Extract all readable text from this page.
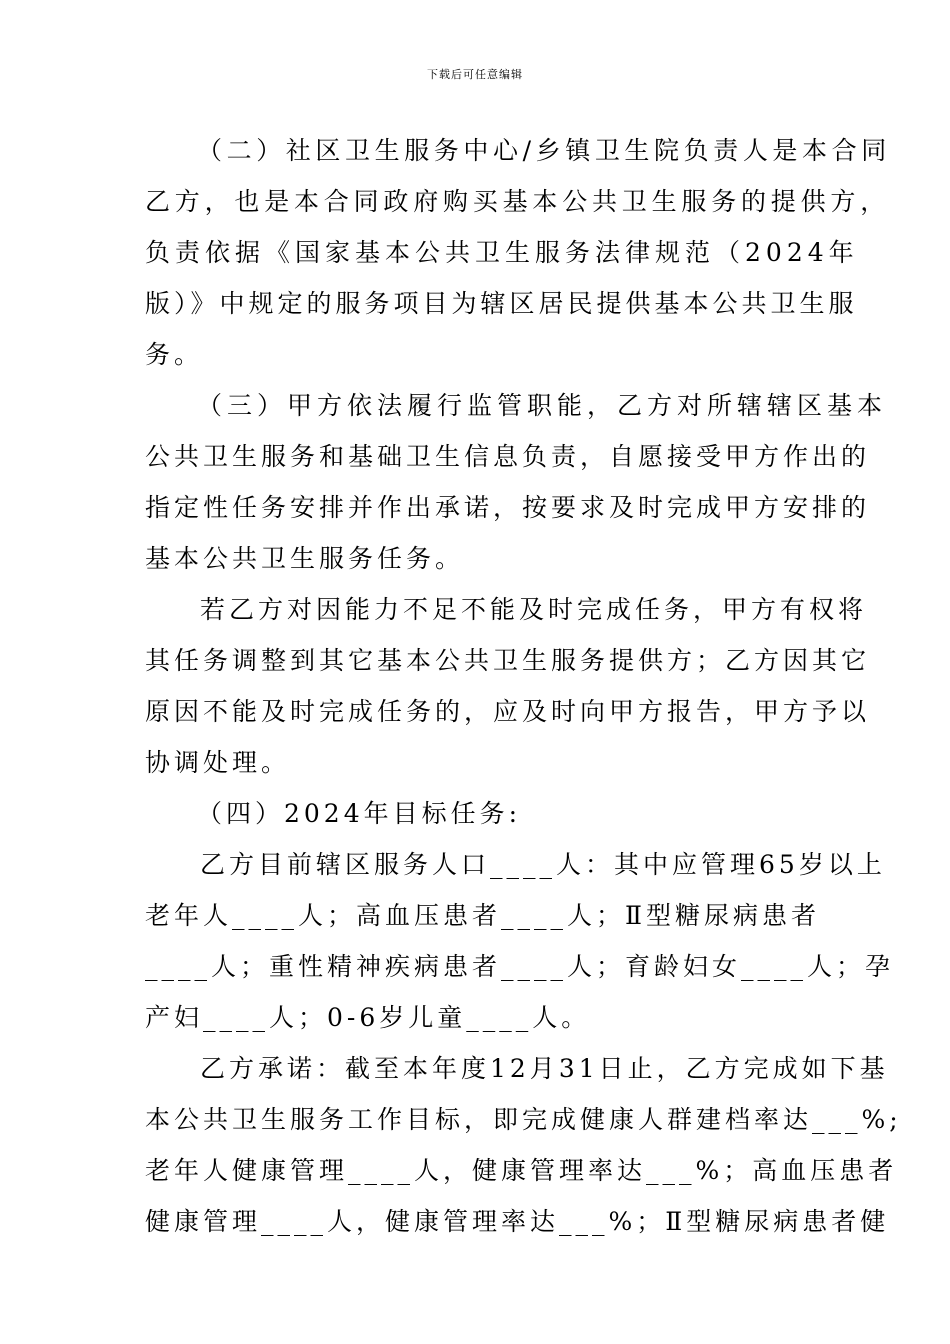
下载后可任意编辑
（二）社区卫生服务中心/乡镇卫生院负责人是本合同
乙方，也是本合同政府购买基本公共卫生服务的提供方，
负责依据《国家基本公共卫生服务法律规范（2024年
版）》中规定的服务项目为辖区居民提供基本公共卫生服
务。
（三）甲方依法履行监管职能，乙方对所辖辖区基本
公共卫生服务和基础卫生信息负责，自愿接受甲方作出的
指定性任务安排并作出承诺，按要求及时完成甲方安排的
基本公共卫生服务任务。
若乙方对因能力不足不能及时完成任务，甲方有权将
其任务调整到其它基本公共卫生服务提供方；乙方因其它
原因不能及时完成任务的，应及时向甲方报告，甲方予以
协调处理。
（四）2024年目标任务:
乙方目前辖区服务人口____人：其中应管理65岁以上
老年人____人；高血压患者____人；Ⅱ型糖尿病患者
____人；重性精神疾病患者____人；育龄妇女____人；孕
产妇____人；0-6岁儿童____人。
乙方承诺：截至本年度12月31日止，乙方完成如下基
本公共卫生服务工作目标，即完成健康人群建档率达___%;
老年人健康管理____人，健康管理率达___%；高血压患者
健康管理____人，健康管理率达___%；Ⅱ型糖尿病患者健
